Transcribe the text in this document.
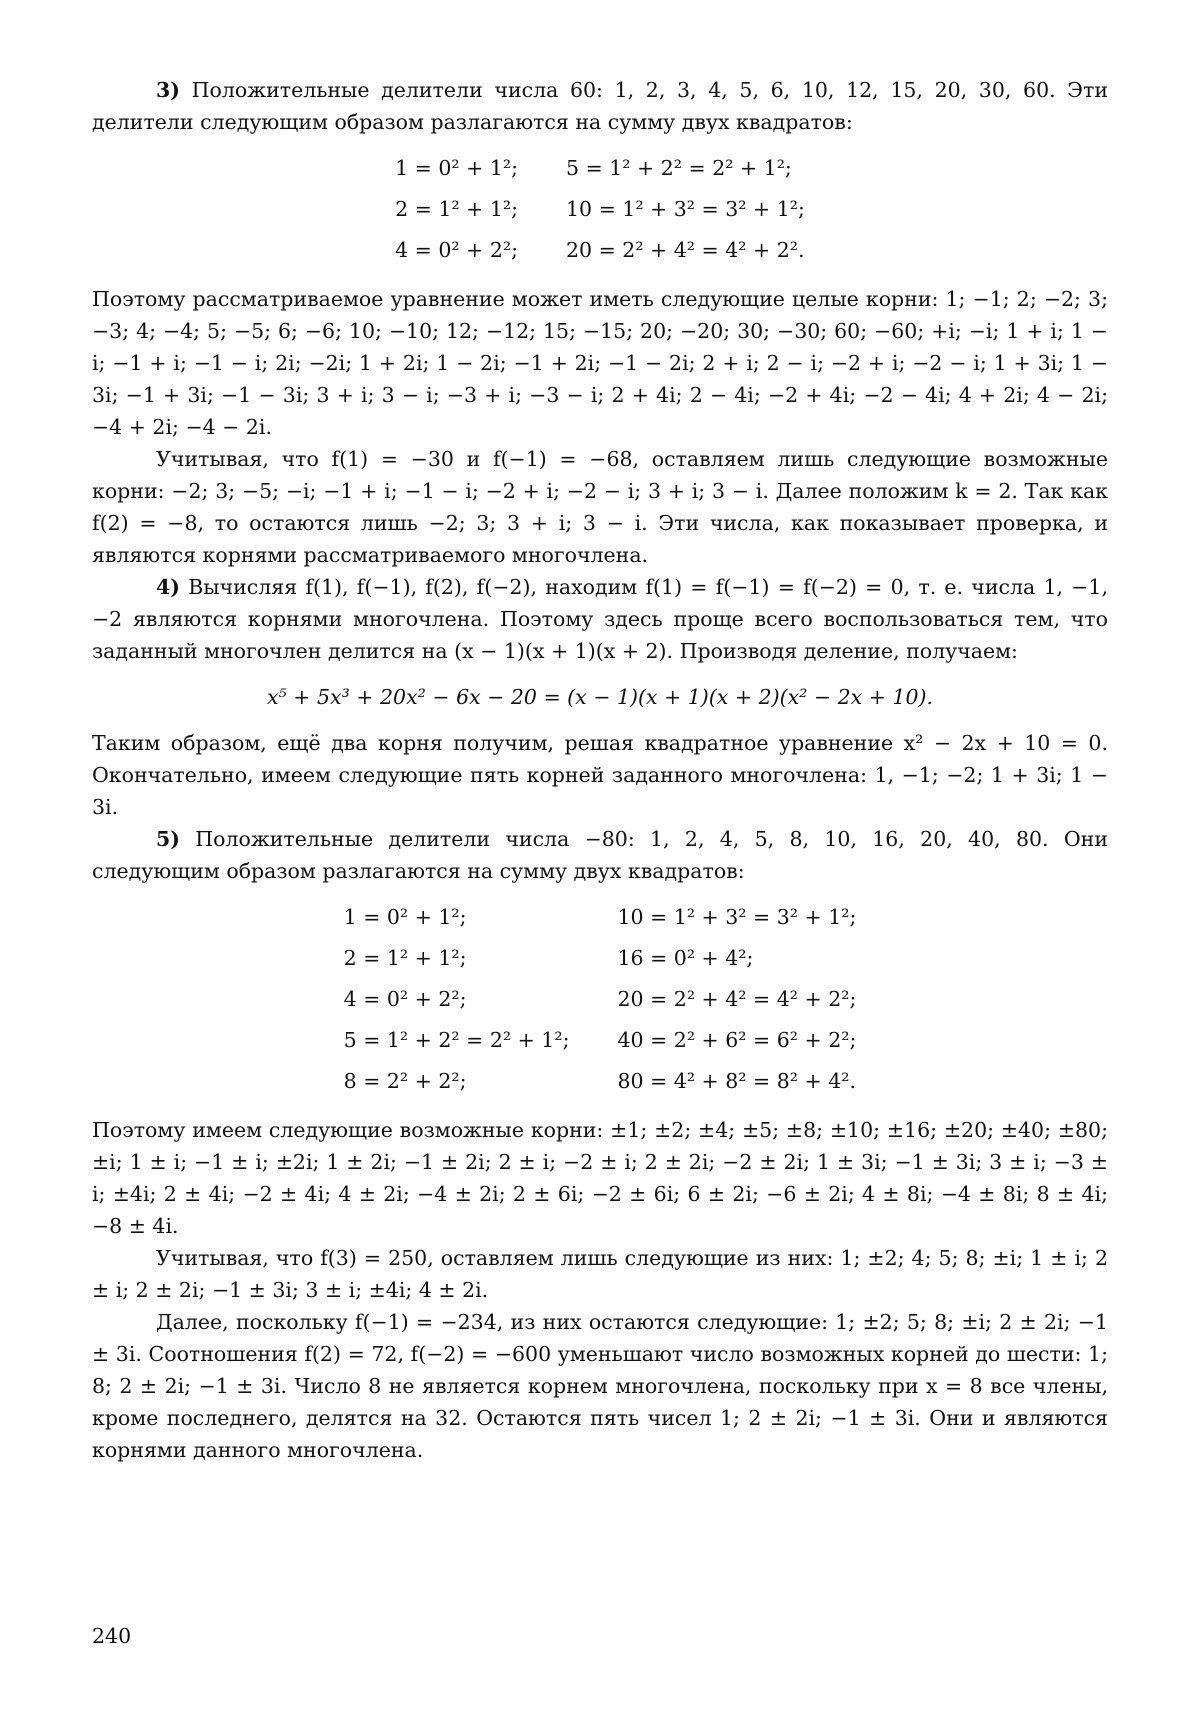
3) Положительные делители числа 60: 1, 2, 3, 4, 5, 6, 10, 12, 15, 20, 30, 60. Эти делители следующим образом разлагаются на сумму двух квадратов:

1 = 0² + 1²;	5 = 1² + 2² = 2² + 1²;
2 = 1² + 1²;	10 = 1² + 3² = 3² + 1²;
4 = 0² + 2²;	20 = 2² + 4² = 4² + 2².

Поэтому рассматриваемое уравнение может иметь следующие целые корни: 1; −1; 2; −2; 3; −3; 4; −4; 5; −5; 6; −6; 10; −10; 12; −12; 15; −15; 20; −20; 30; −30; 60; −60; +i; −i; 1 + i; 1 − i; −1 + i; −1 − i; 2i; −2i; 1 + 2i; 1 − 2i; −1 + 2i; −1 − 2i; 2 + i; 2 − i; −2 + i; −2 − i; 1 + 3i; 1 − 3i; −1 + 3i; −1 − 3i; 3 + i; 3 − i; −3 + i; −3 − i; 2 + 4i; 2 − 4i; −2 + 4i; −2 − 4i; 4 + 2i; 4 − 2i; −4 + 2i; −4 − 2i.

Учитывая, что f(1) = −30 и f(−1) = −68, оставляем лишь следующие возможные корни: −2; 3; −5; −i; −1 + i; −1 − i; −2 + i; −2 − i; 3 + i; 3 − i. Далее положим k = 2. Так как f(2) = −8, то остаются лишь −2; 3; 3 + i; 3 − i. Эти числа, как показывает проверка, и являются корнями рассматриваемого многочлена.

4) Вычисляя f(1), f(−1), f(2), f(−2), находим f(1) = f(−1) = f(−2) = 0, т. е. числа 1, −1, −2 являются корнями многочлена. Поэтому здесь проще всего воспользоваться тем, что заданный многочлен делится на (x − 1)(x + 1)(x + 2). Производя деление, получаем:

x⁵ + 5x³ + 20x² − 6x − 20 = (x − 1)(x + 1)(x + 2)(x² − 2x + 10).

Таким образом, ещё два корня получим, решая квадратное уравнение x² − 2x + 10 = 0. Окончательно, имеем следующие пять корней заданного многочлена: 1, −1; −2; 1 + 3i; 1 − 3i.

5) Положительные делители числа −80: 1, 2, 4, 5, 8, 10, 16, 20, 40, 80. Они следующим образом разлагаются на сумму двух квадратов:

1 = 0² + 1²;	10 = 1² + 3² = 3² + 1²;
2 = 1² + 1²;	16 = 0² + 4²;
4 = 0² + 2²;	20 = 2² + 4² = 4² + 2²;
5 = 1² + 2² = 2² + 1²;	40 = 2² + 6² = 6² + 2²;
8 = 2² + 2²;	80 = 4² + 8² = 8² + 4².

Поэтому имеем следующие возможные корни: ±1; ±2; ±4; ±5; ±8; ±10; ±16; ±20; ±40; ±80; ±i; 1 ± i; −1 ± i; ±2i; 1 ± 2i; −1 ± 2i; 2 ± i; −2 ± i; 2 ± 2i; −2 ± 2i; 1 ± 3i; −1 ± 3i; 3 ± i; −3 ± i; ±4i; 2 ± 4i; −2 ± 4i; 4 ± 2i; −4 ± 2i; 2 ± 6i; −2 ± 6i; 6 ± 2i; −6 ± 2i; 4 ± 8i; −4 ± 8i; 8 ± 4i; −8 ± 4i.

Учитывая, что f(3) = 250, оставляем лишь следующие из них: 1; ±2; 4; 5; 8; ±i; 1 ± i; 2 ± i; 2 ± 2i; −1 ± 3i; 3 ± i; ±4i; 4 ± 2i.

Далее, поскольку f(−1) = −234, из них остаются следующие: 1; ±2; 5; 8; ±i; 2 ± 2i; −1 ± 3i. Соотношения f(2) = 72, f(−2) = −600 уменьшают число возможных корней до шести: 1; 8; 2 ± 2i; −1 ± 3i. Число 8 не является корнем многочлена, поскольку при x = 8 все члены, кроме последнего, делятся на 32. Остаются пять чисел 1; 2 ± 2i; −1 ± 3i. Они и являются корнями данного многочлена.

240
